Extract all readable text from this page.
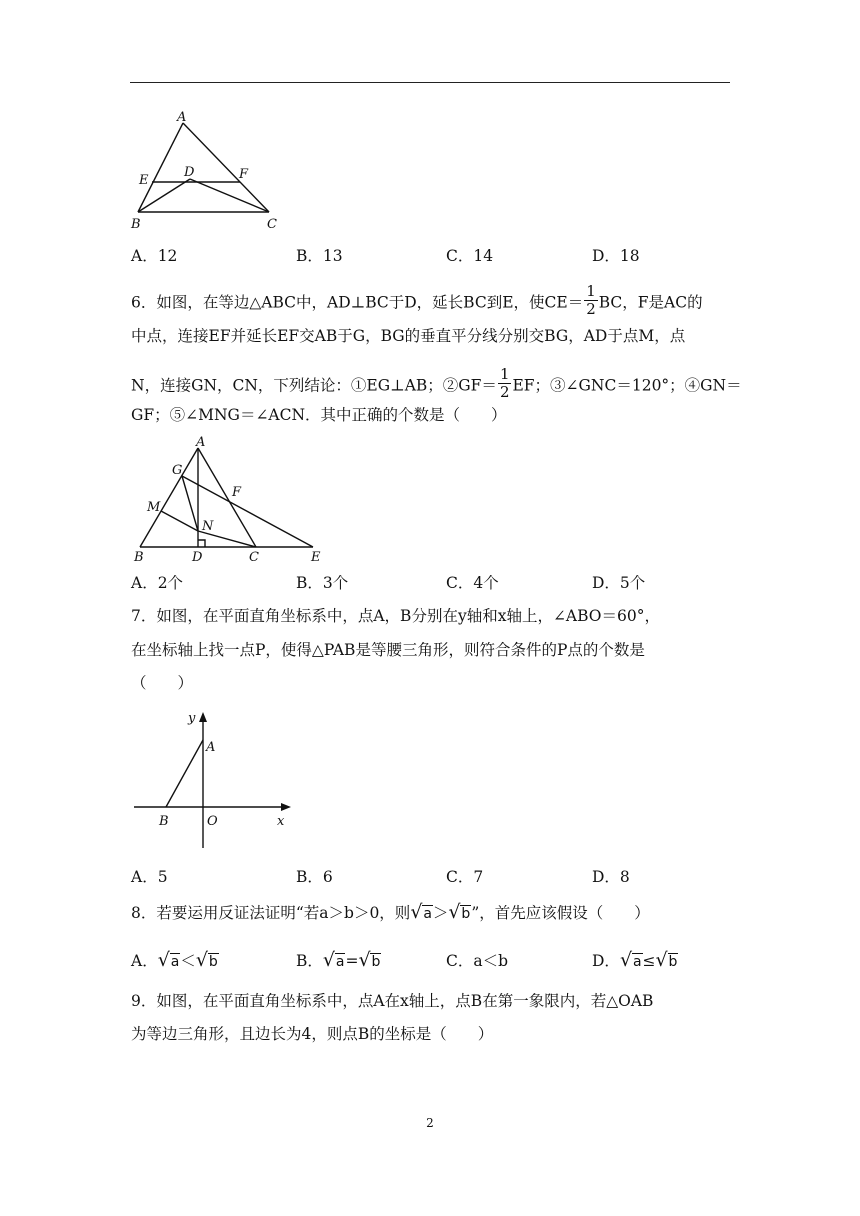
A
E
D	F
B	C
A．12	B．13	C．14	D．18
6．如图，在等边△ABC中，AD⊥BC于D，延长BC到E，使$CE= \frac{1}{2}$ BC，F是AC的
中点，连接EF并延长EF交AB于G，BG的垂直平分线分别交BG，AD于点M，点
N，连接GN，CN，下列结论：①EG⊥AB；②GF＝ $\frac{1}{2}$ EF；③∠GNC＝120°；④GN＝
GF；⑤∠MNG＝∠ACN．其中正确的个数是（　　）
A
G
F
M
N
B	D	C	E
A．2个	B．3个	C．4个	D．5个
7．如图，在平面直角坐标系中，点A，B分别在y轴和x轴上，∠ABO＝60°，
在坐标轴上找一点P，使得△PAB是等腰三角形，则符合条件的P点的个数是
（　　）
y
A
B	O	x
A．5	B．6	C．7	D．8
8．若要运用反证法证明“若a＞b＞0，则 √ a＞ √ b”，首先应该假设（　　）
A． √ a＜ √ b	B． √ a= √ b	C．a＜b	D． √ a≤ √ b
9．如图，在平面直角坐标系中，点A在x轴上，点B在第一象限内，若△OAB
为等边三角形，且边长为4，则点B的坐标是（　　）
2
